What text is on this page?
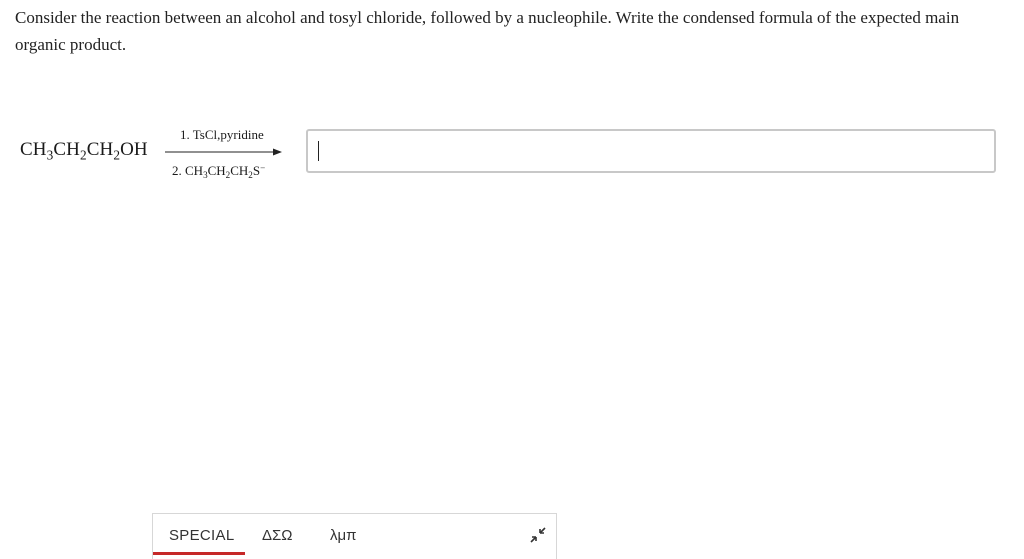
Consider the reaction between an alcohol and tosyl chloride, followed by a nucleophile. Write the condensed formula of the expected main organic product.
$CH_3CH_2CH_2OH$
1. TsCl,pyridine
2. $CH_3CH_2CH_2S^-$
SPECIAL ΔΣΩ λμπ
